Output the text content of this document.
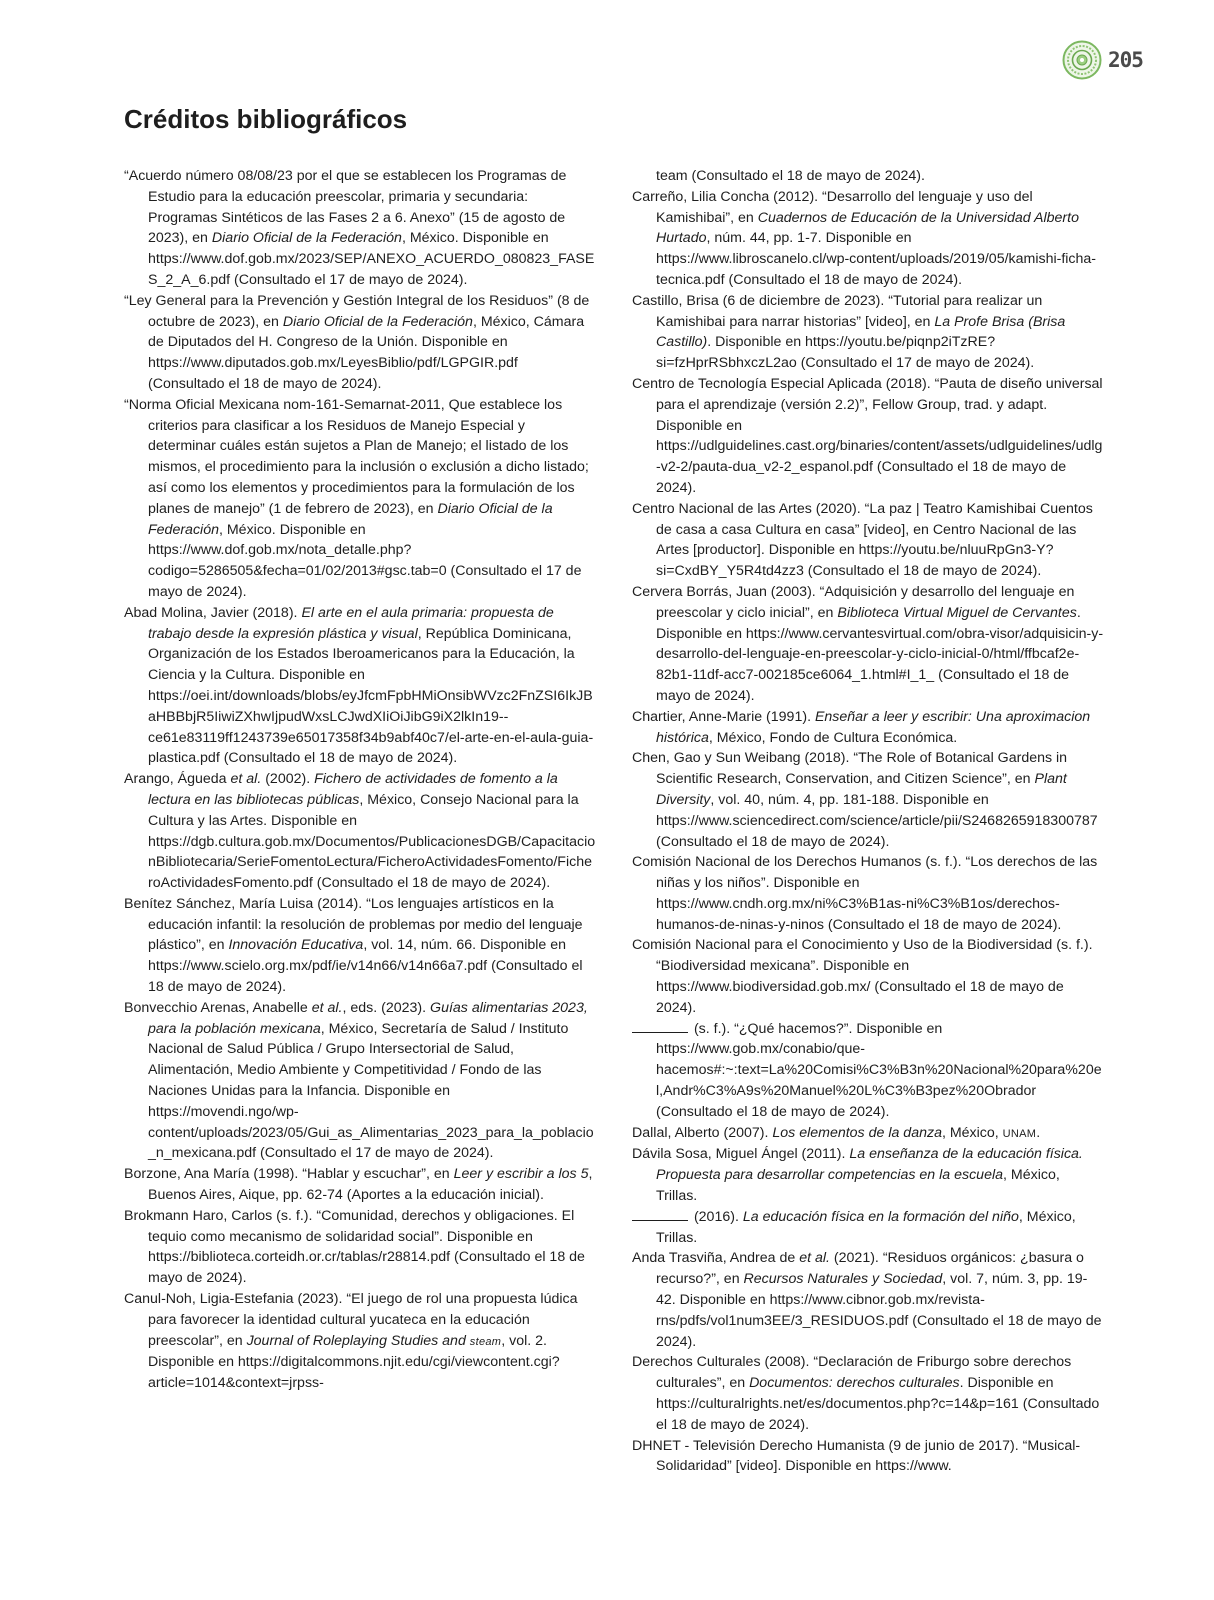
205
Créditos bibliográficos

“Acuerdo número 08/08/23 por el que se establecen los Programas de Estudio para la educación preescolar, primaria y secundaria: Programas Sintéticos de las Fases 2 a 6. Anexo” (15 de agosto de 2023), en Diario Oficial de la Federación, México. Disponible en https://www.dof.gob.mx/2023/SEP/ANEXO_ACUERDO_080823_FASES_2_A_6.pdf (Consultado el 17 de mayo de 2024).

“Ley General para la Prevención y Gestión Integral de los Residuos” (8 de octubre de 2023), en Diario Oficial de la Federación, México, Cámara de Diputados del H. Congreso de la Unión. Disponible en https://www.diputados.gob.mx/LeyesBiblio/pdf/LGPGIR.pdf (Consultado el 18 de mayo de 2024).

“Norma Oficial Mexicana nom-161-Semarnat-2011, Que establece los criterios para clasificar a los Residuos de Manejo Especial y determinar cuáles están sujetos a Plan de Manejo; el listado de los mismos, el procedimiento para la inclusión o exclusión a dicho listado; así como los elementos y procedimientos para la formulación de los planes de manejo” (1 de febrero de 2023), en Diario Oficial de la Federación, México. Disponible en https://www.dof.gob.mx/nota_detalle.php?codigo=5286505&fecha=01/02/2013#gsc.tab=0 (Consultado el 17 de mayo de 2024).

Abad Molina, Javier (2018). El arte en el aula primaria: propuesta de trabajo desde la expresión plástica y visual, República Dominicana, Organización de los Estados Iberoamericanos para la Educación, la Ciencia y la Cultura. Disponible en https://oei.int/downloads/blobs/eyJfcmFpbHMiOnsibWVzc2FnZSI6IkJBaHBBbjR5IiwiZXhwIjpudWxsLCJwdXIiOiJibG9iX2lkIn19--ce61e83119ff1243739e65017358f34b9abf40c7/el-arte-en-el-aula-guia-plastica.pdf (Consultado el 18 de mayo de 2024).

Arango, Águeda et al. (2002). Fichero de actividades de fomento a la lectura en las bibliotecas públicas, México, Consejo Nacional para la Cultura y las Artes. Disponible en https://dgb.cultura.gob.mx/Documentos/PublicacionesDGB/CapacitacionBibliotecaria/SerieFomentoLectura/FicheroActividadesFomento/FicheroActividadesFomento.pdf (Consultado el 18 de mayo de 2024).

Benítez Sánchez, María Luisa (2014). “Los lenguajes artísticos en la educación infantil: la resolución de problemas por medio del lenguaje plástico”, en Innovación Educativa, vol. 14, núm. 66. Disponible en https://www.scielo.org.mx/pdf/ie/v14n66/v14n66a7.pdf (Consultado el 18 de mayo de 2024).

Bonvecchio Arenas, Anabelle et al., eds. (2023). Guías alimentarias 2023, para la población mexicana, México, Secretaría de Salud / Instituto Nacional de Salud Pública / Grupo Intersectorial de Salud, Alimentación, Medio Ambiente y Competitividad / Fondo de las Naciones Unidas para la Infancia. Disponible en https://movendi.ngo/wp-content/uploads/2023/05/Gui_as_Alimentarias_2023_para_la_poblacio_n_mexicana.pdf (Consultado el 17 de mayo de 2024).

Borzone, Ana María (1998). “Hablar y escuchar”, en Leer y escribir a los 5, Buenos Aires, Aique, pp. 62-74 (Aportes a la educación inicial).

Brokmann Haro, Carlos (s. f.). “Comunidad, derechos y obligaciones. El tequio como mecanismo de solidaridad social”. Disponible en https://biblioteca.corteidh.or.cr/tablas/r28814.pdf (Consultado el 18 de mayo de 2024).

Canul-Noh, Ligia-Estefania (2023). “El juego de rol una propuesta lúdica para favorecer la identidad cultural yucateca en la educación preescolar”, en Journal of Roleplaying Studies and steam, vol. 2. Disponible en https://digitalcommons.njit.edu/cgi/viewcontent.cgi?article=1014&context=jrpss-

team (Consultado el 18 de mayo de 2024).

Carreño, Lilia Concha (2012). “Desarrollo del lenguaje y uso del Kamishibai”, en Cuadernos de Educación de la Universidad Alberto Hurtado, núm. 44, pp. 1-7. Disponible en https://www.libroscanelo.cl/wp-content/uploads/2019/05/kamishi-ficha-tecnica.pdf (Consultado el 18 de mayo de 2024).

Castillo, Brisa (6 de diciembre de 2023). “Tutorial para realizar un Kamishibai para narrar historias” [video], en La Profe Brisa (Brisa Castillo). Disponible en https://youtu.be/piqnp2iTzRE?si=fzHprRSbhxczL2ao (Consultado el 17 de mayo de 2024).

Centro de Tecnología Especial Aplicada (2018). “Pauta de diseño universal para el aprendizaje (versión 2.2)”, Fellow Group, trad. y adapt. Disponible en https://udlguidelines.cast.org/binaries/content/assets/udlguidelines/udlg-v2-2/pauta-dua_v2-2_espanol.pdf (Consultado el 18 de mayo de 2024).

Centro Nacional de las Artes (2020). “La paz | Teatro Kamishibai Cuentos de casa a casa Cultura en casa” [video], en Centro Nacional de las Artes [productor]. Disponible en https://youtu.be/nluuRpGn3-Y?si=CxdBY_Y5R4td4zz3 (Consultado el 18 de mayo de 2024).

Cervera Borrás, Juan (2003). “Adquisición y desarrollo del lenguaje en preescolar y ciclo inicial”, en Biblioteca Virtual Miguel de Cervantes. Disponible en https://www.cervantesvirtual.com/obra-visor/adquisicin-y-desarrollo-del-lenguaje-en-preescolar-y-ciclo-inicial-0/html/ffbcaf2e-82b1-11df-acc7-002185ce6064_1.html#I_1_ (Consultado el 18 de mayo de 2024).

Chartier, Anne-Marie (1991). Enseñar a leer y escribir: Una aproximacion histórica, México, Fondo de Cultura Económica.

Chen, Gao y Sun Weibang (2018). “The Role of Botanical Gardens in Scientific Research, Conservation, and Citizen Science”, en Plant Diversity, vol. 40, núm. 4, pp. 181-188. Disponible en https://www.sciencedirect.com/science/article/pii/S2468265918300787 (Consultado el 18 de mayo de 2024).

Comisión Nacional de los Derechos Humanos (s. f.). “Los derechos de las niñas y los niños”. Disponible en https://www.cndh.org.mx/ni%C3%B1as-ni%C3%B1os/derechos-humanos-de-ninas-y-ninos (Consultado el 18 de mayo de 2024).

Comisión Nacional para el Conocimiento y Uso de la Biodiversidad (s. f.). “Biodiversidad mexicana”. Disponible en https://www.biodiversidad.gob.mx/ (Consultado el 18 de mayo de 2024).

(s. f.). “¿Qué hacemos?”. Disponible en https://www.gob.mx/conabio/que-hacemos#:~:text=La%20Comisi%C3%B3n%20Nacional%20para%20el,Andr%C3%A9s%20Manuel%20L%C3%B3pez%20Obrador (Consultado el 18 de mayo de 2024).

Dallal, Alberto (2007). Los elementos de la danza, México, UNAM.

Dávila Sosa, Miguel Ángel (2011). La enseñanza de la educación física. Propuesta para desarrollar competencias en la escuela, México, Trillas.

(2016). La educación física en la formación del niño, México, Trillas.

Anda Trasviña, Andrea de et al. (2021). “Residuos orgánicos: ¿basura o recurso?”, en Recursos Naturales y Sociedad, vol. 7, núm. 3, pp. 19-42. Disponible en https://www.cibnor.gob.mx/revista-rns/pdfs/vol1num3EE/3_RESIDUOS.pdf (Consultado el 18 de mayo de 2024).

Derechos Culturales (2008). “Declaración de Friburgo sobre derechos culturales”, en Documentos: derechos culturales. Disponible en https://culturalrights.net/es/documentos.php?c=14&p=161 (Consultado el 18 de mayo de 2024).

DHNET - Televisión Derecho Humanista (9 de junio de 2017). “Musical-Solidaridad” [video]. Disponible en https://www.
